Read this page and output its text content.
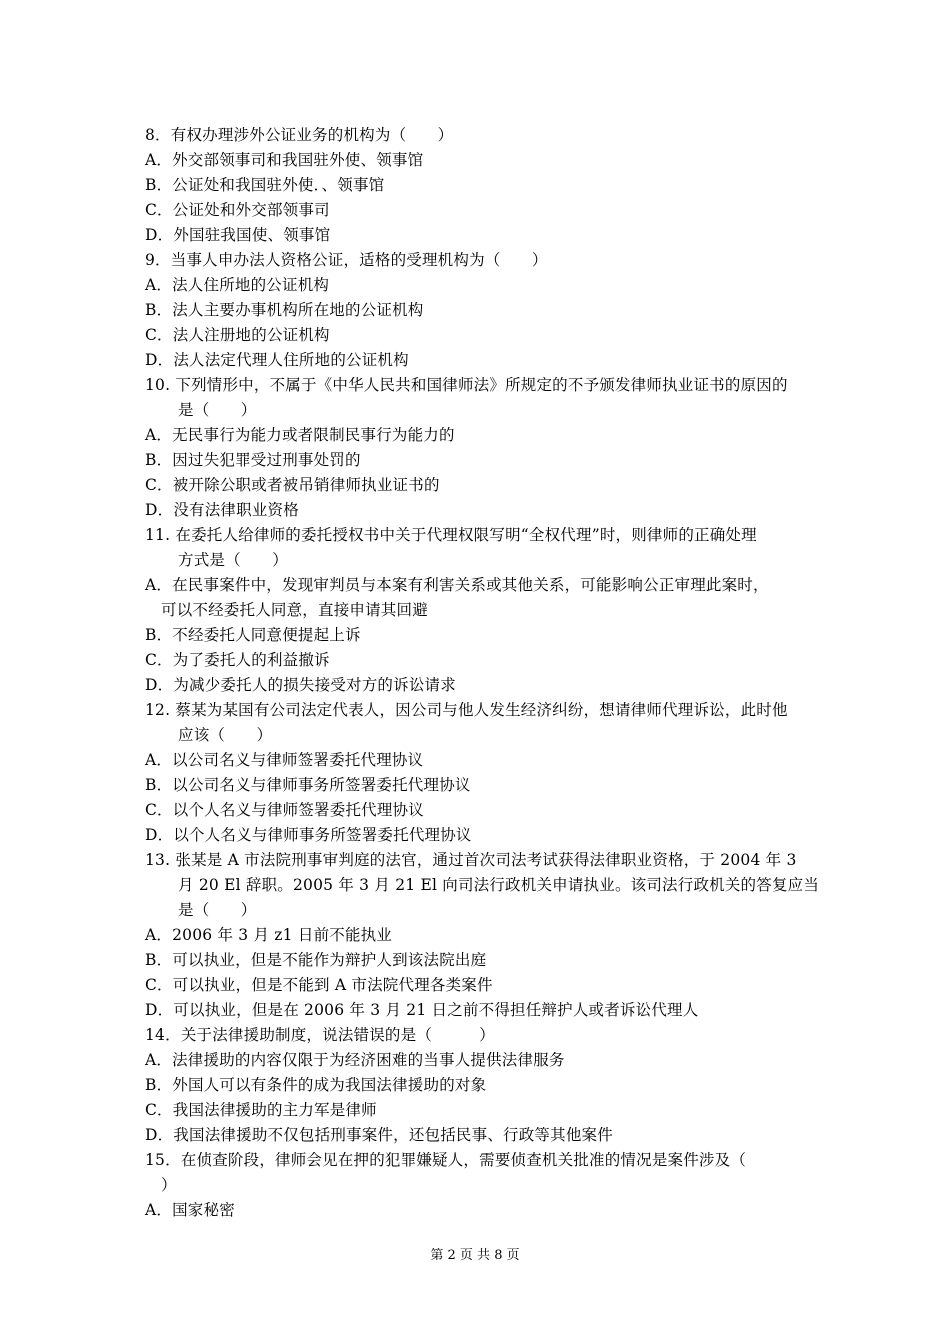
8．有权办理涉外公证业务的机构为（　　）
A．外交部领事司和我国驻外使、领事馆
B．公证处和我国驻外使．、领事馆
C．公证处和外交部领事司
D．外国驻我国使、领事馆
9．当事人申办法人资格公证，适格的受理机构为（　　）
A．法人住所地的公证机构
B．法人主要办事机构所在地的公证机构
C．法人注册地的公证机构
D．法人法定代理人住所地的公证机构
10. 下列情形中，不属于《中华人民共和国律师法》所规定的不予颁发律师执业证书的原因的
是（　　）
A．无民事行为能力或者限制民事行为能力的
B．因过失犯罪受过刑事处罚的
C．被开除公职或者被吊销律师执业证书的
D．没有法律职业资格
11. 在委托人给律师的委托授权书中关于代理权限写明“全权代理”时，则律师的正确处理
方式是（　　）
A．在民事案件中，发现审判员与本案有利害关系或其他关系，可能影响公正审理此案时，
可以不经委托人同意，直接申请其回避
B．不经委托人同意便提起上诉
C．为了委托人的利益撤诉
D．为减少委托人的损失接受对方的诉讼请求
12. 蔡某为某国有公司法定代表人，因公司与他人发生经济纠纷，想请律师代理诉讼，此时他
应该（　　）
A．以公司名义与律师签署委托代理协议
B．以公司名义与律师事务所签署委托代理协议
C．以个人名义与律师签署委托代理协议
D．以个人名义与律师事务所签署委托代理协议
13. 张某是 A 市法院刑事审判庭的法官，通过首次司法考试获得法律职业资格，于 2004 年 3
月 20 El 辞职。2005 年 3 月 21 El 向司法行政机关申请执业。该司法行政机关的答复应当
是（　　）
A．2006 年 3 月 z1 日前不能执业
B．可以执业，但是不能作为辩护人到该法院出庭
C．可以执业，但是不能到 A 市法院代理各类案件
D．可以执业，但是在 2006 年 3 月 21 日之前不得担任辩护人或者诉讼代理人
14．关于法律援助制度，说法错误的是（　　　）
A．法律援助的内容仅限于为经济困难的当事人提供法律服务
B．外国人可以有条件的成为我国法律援助的对象
C．我国法律援助的主力军是律师
D．我国法律援助不仅包括刑事案件，还包括民事、行政等其他案件
15．在侦查阶段，律师会见在押的犯罪嫌疑人，需要侦查机关批准的情况是案件涉及（
）
A．国家秘密
第 2 页 共 8 页
